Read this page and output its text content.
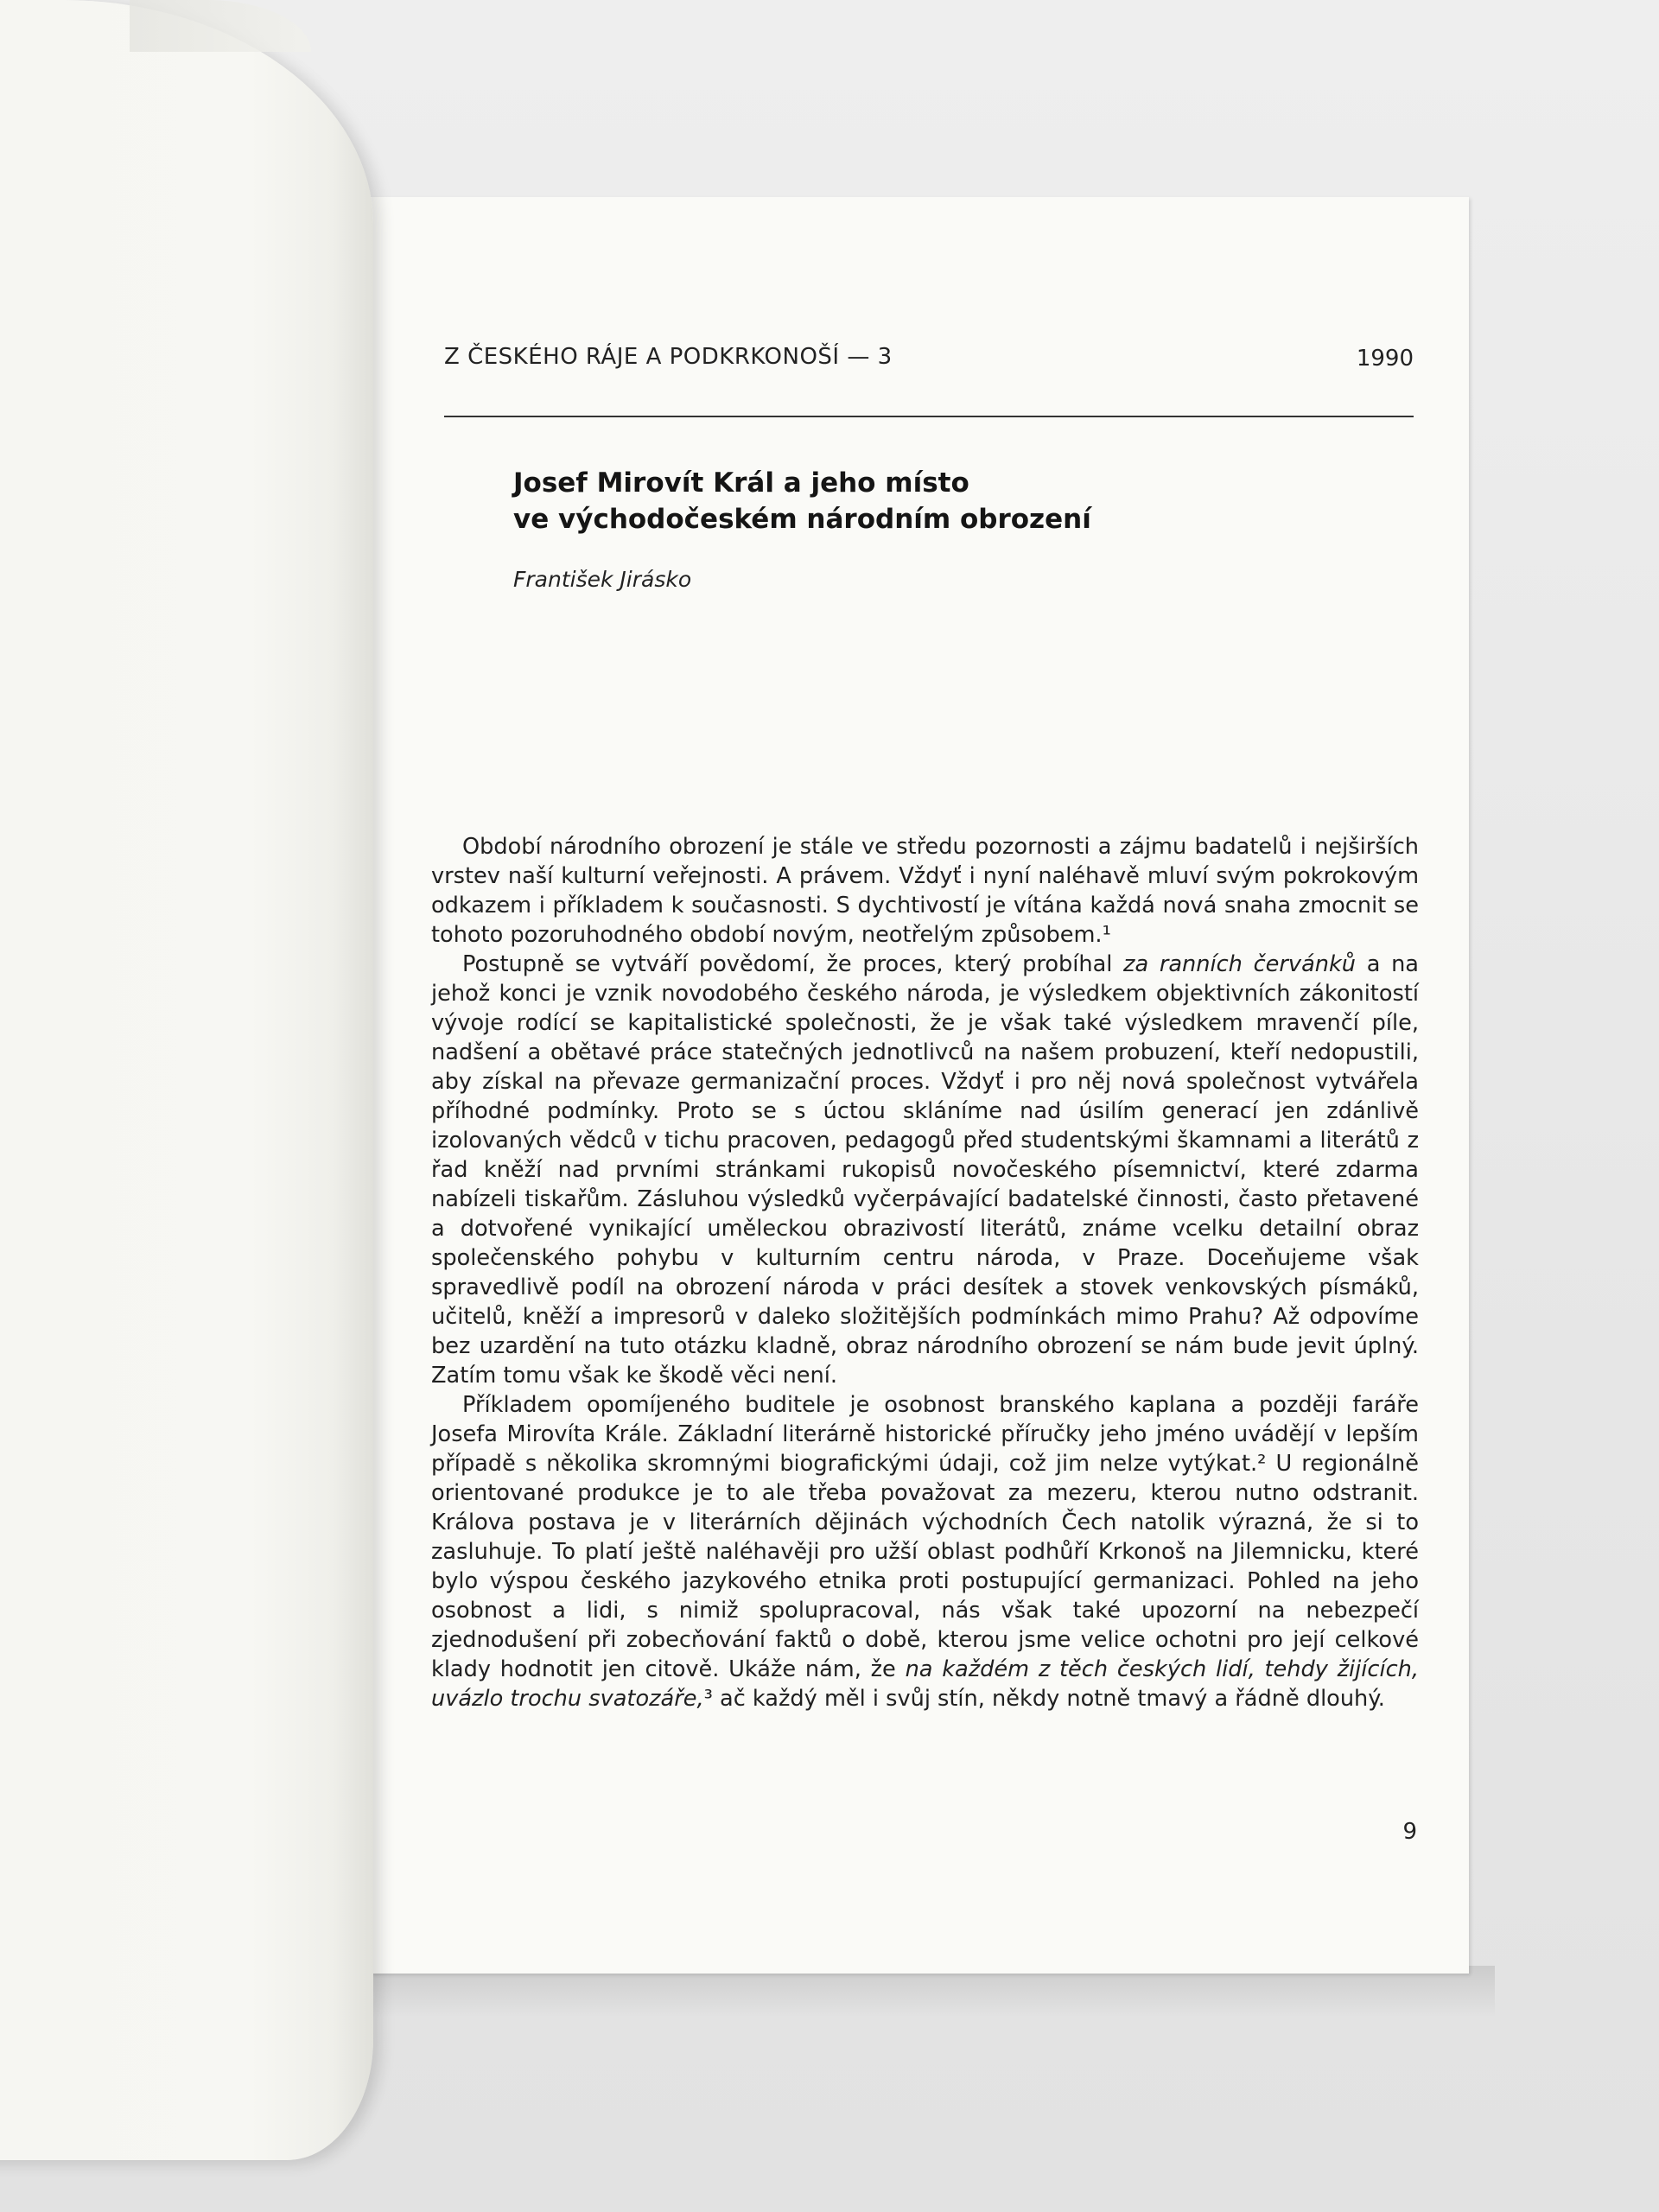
Z ČESKÉHO RÁJE A PODKRKONOŠÍ — 3	1990
Josef Mirovít Král a jeho místo
ve východočeském národním obrození
František Jirásko

Období národního obrození je stále ve středu pozornosti a zájmu badatelů i nejširších vrstev naší kulturní veřejnosti. A právem. Vždyť i nyní naléhavě mluví svým pokrokovým odkazem i příkladem k současnosti. S dychtivostí je vítána každá nová snaha zmocnit se tohoto pozoruhodného období novým, neotřelým způsobem.¹

Postupně se vytváří povědomí, že proces, který probíhal za ranních červánků a na jehož konci je vznik novodobého českého národa, je výsledkem objektivních zákonitostí vývoje rodící se kapitalistické společnosti, že je však také výsledkem mravenčí píle, nadšení a obětavé práce statečných jednotlivců na našem probuzení, kteří nedopustili, aby získal na převaze germanizační proces. Vždyť i pro něj nová společnost vytvářela příhodné podmínky. Proto se s úctou skláníme nad úsilím generací jen zdánlivě izolovaných vědců v tichu pracoven, pedagogů před studentskými škamnami a literátů z řad kněží nad prvními stránkami rukopisů novočeského písemnictví, které zdarma nabízeli tiskařům. Zásluhou výsledků vyčerpávající badatelské činnosti, často přetavené a dotvořené vynikající uměleckou obrazivostí literátů, známe vcelku detailní obraz společenského pohybu v kulturním centru národa, v Praze. Doceňujeme však spravedlivě podíl na obrození národa v práci desítek a stovek venkovských písmáků, učitelů, kněží a impresorů v daleko složitějších podmínkách mimo Prahu? Až odpovíme bez uzardění na tuto otázku kladně, obraz národního obrození se nám bude jevit úplný. Zatím tomu však ke škodě věci není.

Příkladem opomíjeného buditele je osobnost branského kaplana a později faráře Josefa Mirovíta Krále. Základní literárně historické příručky jeho jméno uvádějí v lepším případě s několika skromnými biografickými údaji, což jim nelze vytýkat.² U regionálně orientované produkce je to ale třeba považovat za mezeru, kterou nutno odstranit. Králova postava je v literárních dějinách východních Čech natolik výrazná, že si to zasluhuje. To platí ještě naléhavěji pro užší oblast podhůří Krkonoš na Jilemnicku, které bylo výspou českého jazykového etnika proti postupující germanizaci. Pohled na jeho osobnost a lidi, s nimiž spolupracoval, nás však také upozorní na nebezpečí zjednodušení při zobecňování faktů o době, kterou jsme velice ochotni pro její celkové klady hodnotit jen citově. Ukáže nám, že na každém z těch českých lidí, tehdy žijících, uvázlo trochu svatozáře,³ ač každý měl i svůj stín, někdy notně tmavý a řádně dlouhý.

9
